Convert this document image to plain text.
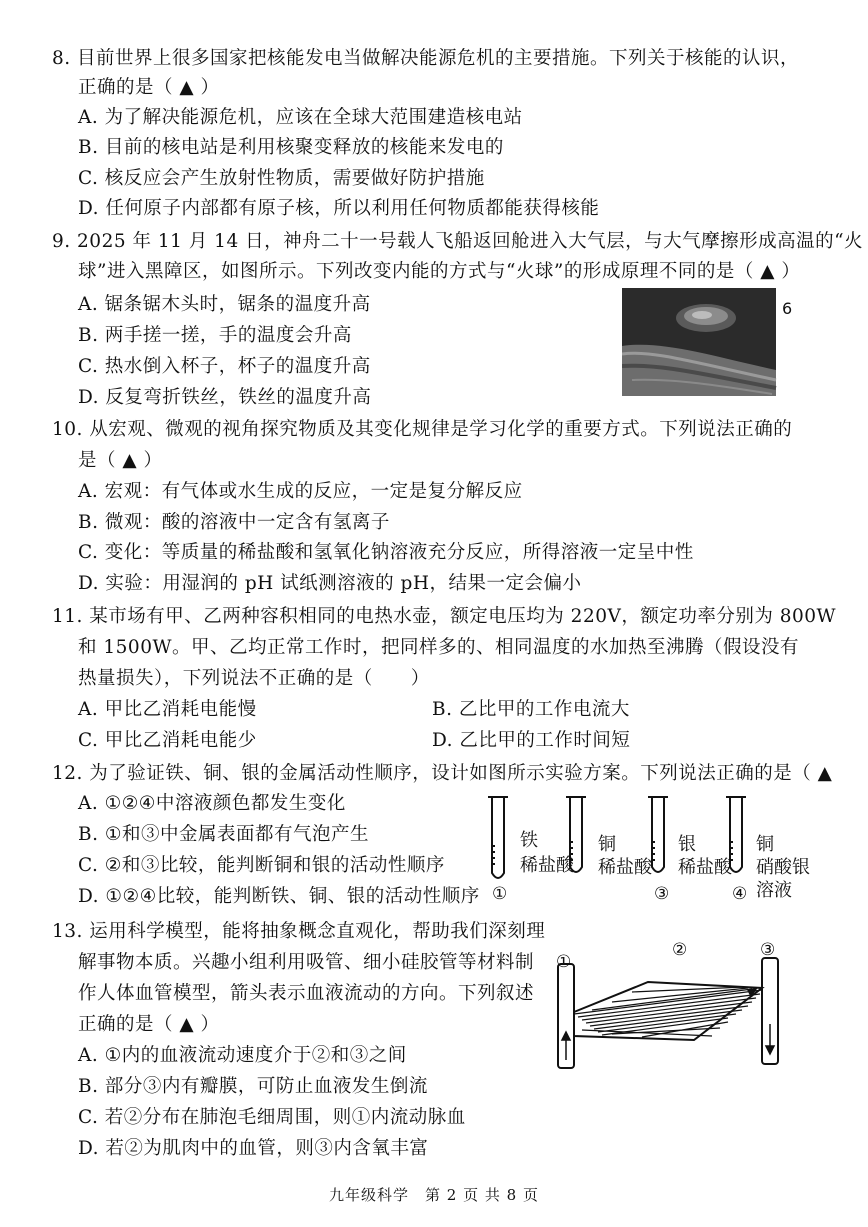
8. 目前世界上很多国家把核能发电当做解决能源危机的主要措施。下列关于核能的认识，
正确的是（ ▲ ）
A. 为了解决能源危机，应该在全球大范围建造核电站
B. 目前的核电站是利用核聚变释放的核能来发电的
C. 核反应会产生放射性物质，需要做好防护措施
D. 任何原子内部都有原子核，所以利用任何物质都能获得核能
9. 2025 年 11 月 14 日，神舟二十一号载人飞船返回舱进入大气层，与大气摩擦形成高温的“火
球”进入黑障区，如图所示。下列改变内能的方式与“火球”的形成原理不同的是（ ▲ ）
A. 锯条锯木头时，锯条的温度升高
B. 两手搓一搓，手的温度会升高
C. 热水倒入杯子，杯子的温度升高
D. 反复弯折铁丝，铁丝的温度升高
6
10. 从宏观、微观的视角探究物质及其变化规律是学习化学的重要方式。下列说法正确的
是（ ▲ ）
A. 宏观：有气体或水生成的反应，一定是复分解反应
B. 微观：酸的溶液中一定含有氢离子
C. 变化：等质量的稀盐酸和氢氧化钠溶液充分反应，所得溶液一定呈中性
D. 实验：用湿润的 pH 试纸测溶液的 pH，结果一定会偏小
11. 某市场有甲、乙两种容积相同的电热水壶，额定电压均为 220V，额定功率分别为 800W
和 1500W。甲、乙均正常工作时，把同样多的、相同温度的水加热至沸腾（假设没有
热量损失），下列说法不正确的是（　　）
A. 甲比乙消耗电能慢	B. 乙比甲的工作电流大
C. 甲比乙消耗电能少	D. 乙比甲的工作时间短
12. 为了验证铁、铜、银的金属活动性顺序，设计如图所示实验方案。下列说法正确的是（ ▲
A. ①②④中溶液颜色都发生变化
B. ①和③中金属表面都有气泡产生
C. ②和③比较，能判断铜和银的活动性顺序
D. ①②④比较，能判断铁、铜、银的活动性顺序
铁
稀盐酸
①
铜
稀盐酸
银
稀盐酸
③
铜
硝酸银
溶液
④
13. 运用科学模型，能将抽象概念直观化，帮助我们深刻理
解事物本质。兴趣小组利用吸管、细小硅胶管等材料制
作人体血管模型，箭头表示血液流动的方向。下列叙述
正确的是（ ▲ ）
A. ①内的血液流动速度介于②和③之间
B. 部分③内有瓣膜，可防止血液发生倒流
C. 若②分布在肺泡毛细周围，则①内流动脉血
D. 若②为肌肉中的血管，则③内含氧丰富
①
②	③
九年级科学　第 2 页 共 8 页
